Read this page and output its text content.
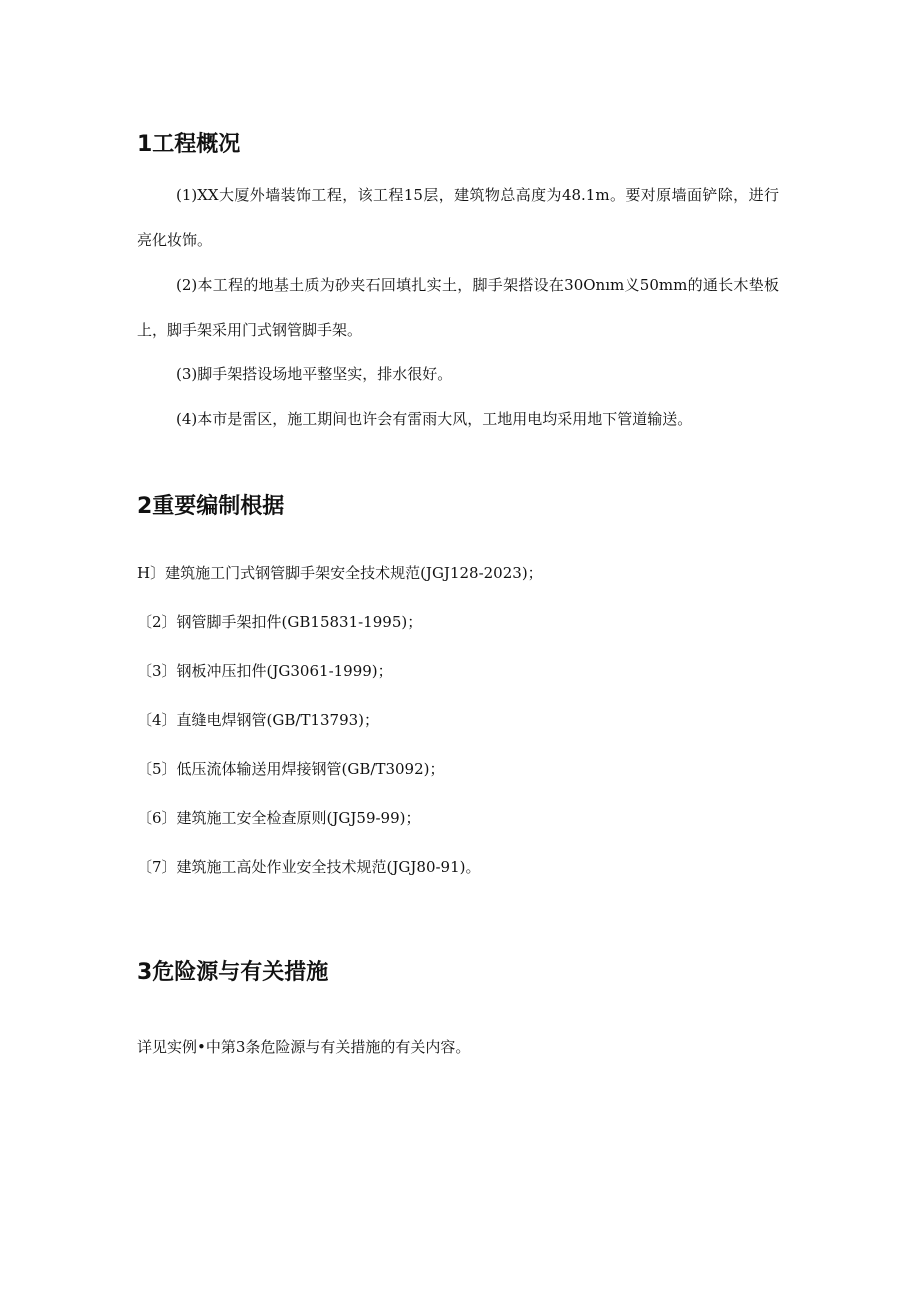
1工程概况

(1)XX大厦外墙装饰工程，该工程15层，建筑物总高度为48.1m。要对原墙面铲除，进行

亮化妆饰。

(2)本工程的地基土质为砂夹石回填扎实土，脚手架搭设在30Onım义50mm的通长木垫板

上，脚手架采用门式钢管脚手架。

(3)脚手架搭设场地平整坚实，排水很好。

(4)本市是雷区，施工期间也许会有雷雨大风，工地用电均采用地下管道输送。

2重要编制根据

H〕建筑施工门式钢管脚手架安全技术规范(JGJ128-2023)；

〔2〕钢管脚手架扣件(GB15831-1995)；

〔3〕钢板冲压扣件(JG3061-1999)；

〔4〕直缝电焊钢管(GB/T13793)；

〔5〕低压流体输送用焊接钢管(GB/T3092)；

〔6〕建筑施工安全检查原则(JGJ59-99)；

〔7〕建筑施工高处作业安全技术规范(JGJ80-91)。

3危险源与有关措施

详见实例•中第3条危险源与有关措施的有关内容。
